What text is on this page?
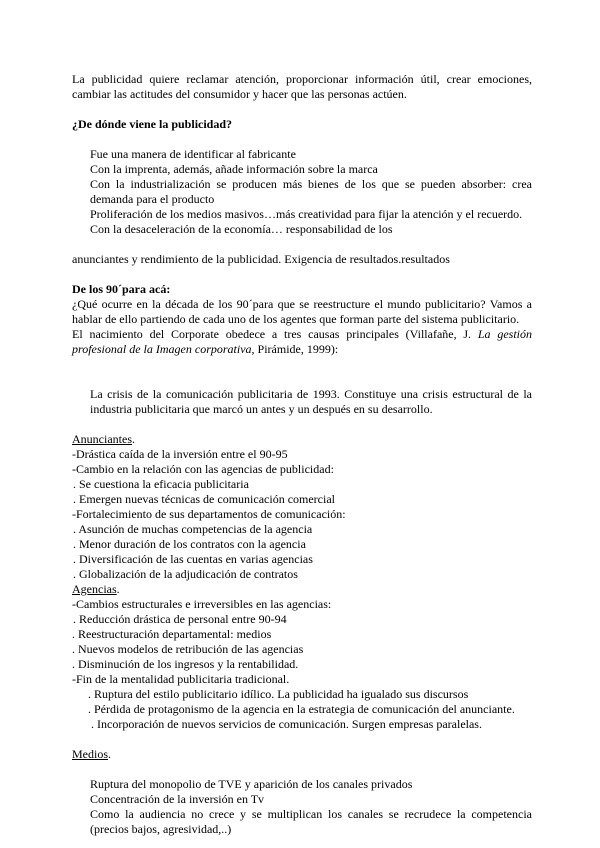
La publicidad quiere reclamar atención, proporcionar información útil, crear emociones, cambiar las actitudes del consumidor y hacer que las personas actúen.

¿De dónde viene la publicidad?

Fue una manera de identificar al fabricante

Con la imprenta, además, añade información sobre la marca

Con la industrialización se producen más bienes de los que se pueden absorber: crea demanda para el producto

Proliferación de los medios masivos…más creatividad para fijar la atención y el recuerdo.

Con la desaceleración de la economía… responsabilidad de los

anunciantes y rendimiento de la publicidad. Exigencia de resultados.resultados

De los 90´para acá:

¿Qué ocurre en la década de los 90´para que se reestructure el mundo publicitario? Vamos a hablar de ello partiendo de cada uno de los agentes que forman parte del sistema publicitario.

El nacimiento del Corporate obedece a tres causas principales (Villafañe, J. La gestión profesional de la Imagen corporativa, Pirámide, 1999):

La crisis de la comunicación publicitaria de 1993. Constituye una crisis estructural de la industria publicitaria que marcó un antes y un después en su desarrollo.

Anunciantes.

-Drástica caída de la inversión entre el 90-95

-Cambio en la relación con las agencias de publicidad:

. Se cuestiona la eficacia publicitaria

. Emergen nuevas técnicas de comunicación comercial

-Fortalecimiento de sus departamentos de comunicación:

. Asunción de muchas competencias de la agencia

. Menor duración de los contratos con la agencia

. Diversificación de las cuentas en varias agencias

. Globalización de la adjudicación de contratos

Agencias.

-Cambios estructurales e irreversibles en las agencias:

. Reducción drástica de personal entre 90-94

. Reestructuración departamental: medios

. Nuevos modelos de retribución de las agencias

. Disminución de los ingresos y la rentabilidad.

-Fin de la mentalidad publicitaria tradicional.

. Ruptura del estilo publicitario idílico. La publicidad ha igualado sus discursos

. Pérdida de protagonismo de la agencia en la estrategia de comunicación del anunciante.

. Incorporación de nuevos servicios de comunicación. Surgen empresas paralelas.

Medios.

Ruptura del monopolio de TVE y aparición de los canales privados

Concentración de la inversión en Tv

Como la audiencia no crece y se multiplican los canales se recrudece la competencia (precios bajos, agresividad,..)
